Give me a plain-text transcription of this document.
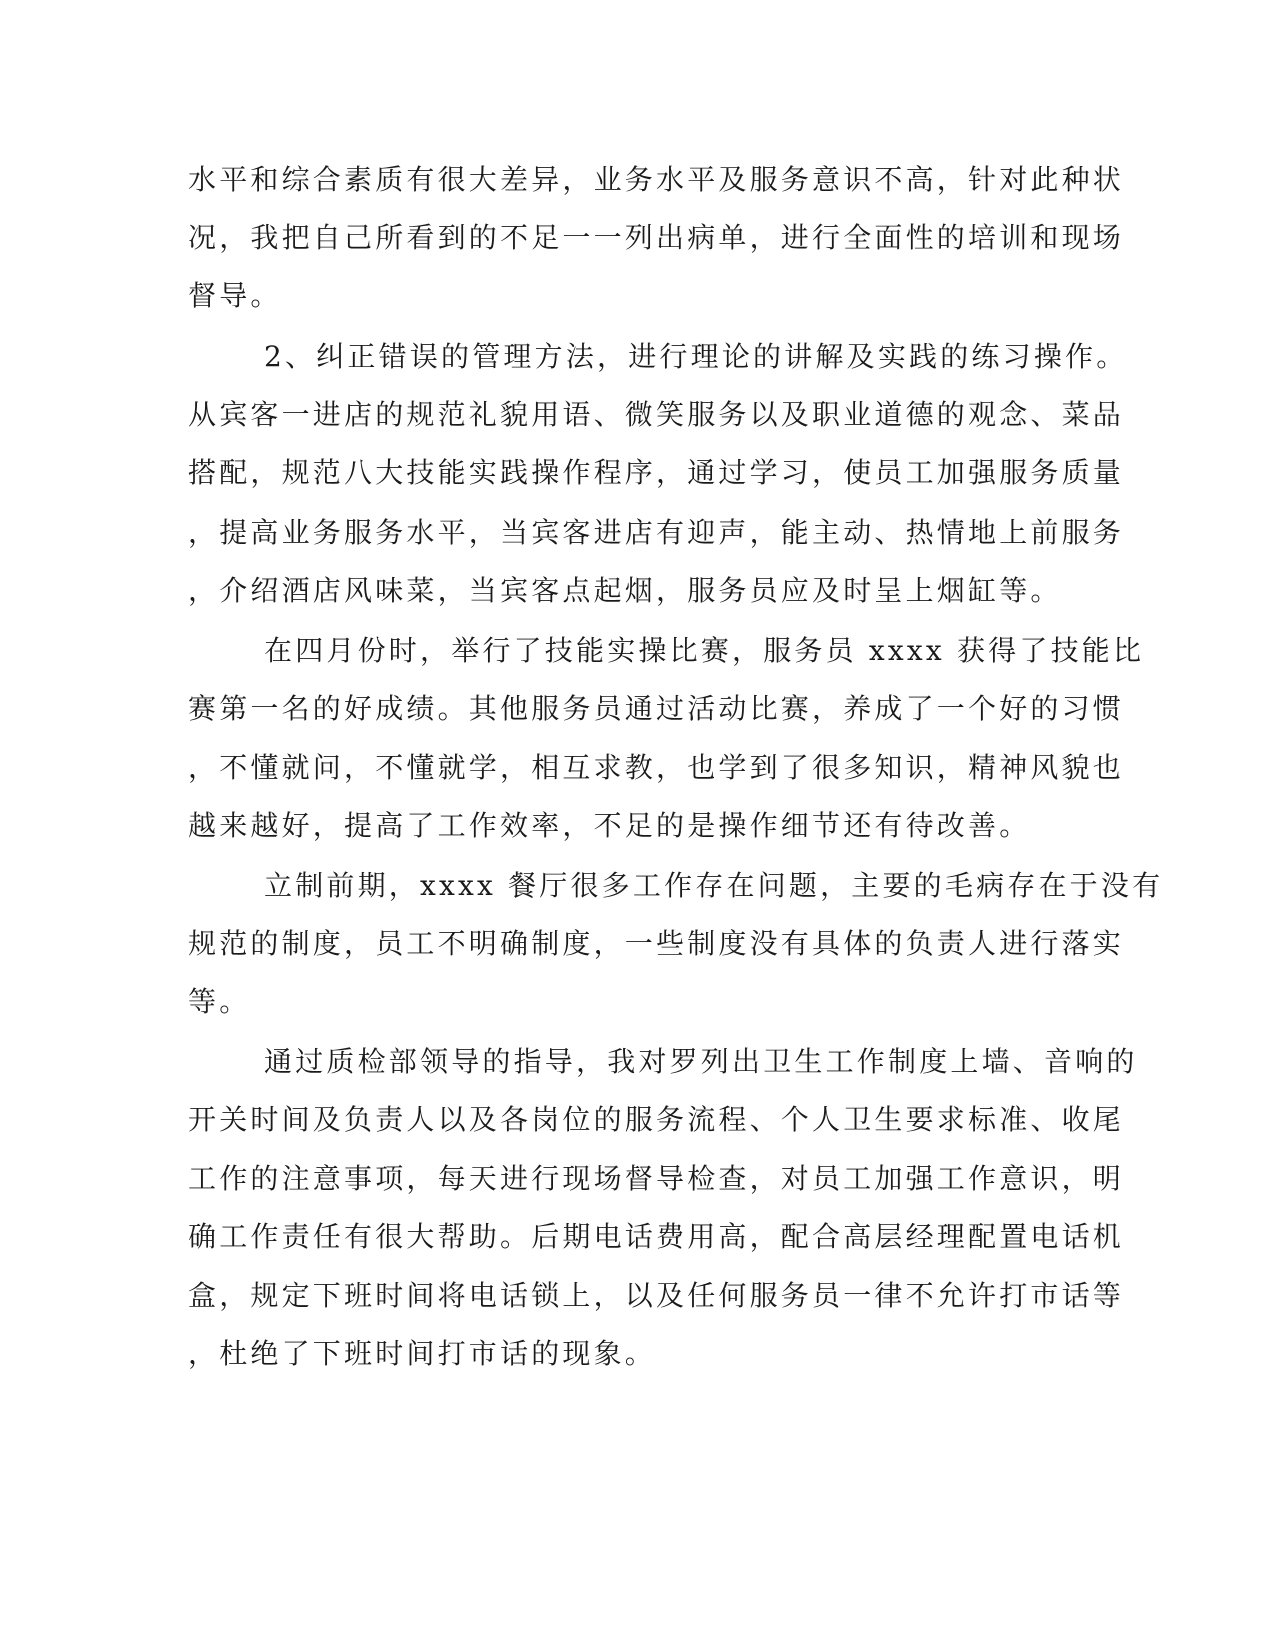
水平和综合素质有很大差异，业务水平及服务意识不高，针对此种状
况，我把自己所看到的不足一一列出病单，进行全面性的培训和现场
督导。
2、纠正错误的管理方法，进行理论的讲解及实践的练习操作。
从宾客一进店的规范礼貌用语、微笑服务以及职业道德的观念、菜品
搭配，规范八大技能实践操作程序，通过学习，使员工加强服务质量
，提高业务服务水平，当宾客进店有迎声，能主动、热情地上前服务
，介绍酒店风味菜，当宾客点起烟，服务员应及时呈上烟缸等。
在四月份时，举行了技能实操比赛，服务员 xxxx 获得了技能比
赛第一名的好成绩。其他服务员通过活动比赛，养成了一个好的习惯
，不懂就问，不懂就学，相互求教，也学到了很多知识，精神风貌也
越来越好，提高了工作效率，不足的是操作细节还有待改善。
立制前期，xxxx 餐厅很多工作存在问题，主要的毛病存在于没有
规范的制度，员工不明确制度，一些制度没有具体的负责人进行落实
等。
通过质检部领导的指导，我对罗列出卫生工作制度上墙、音响的
开关时间及负责人以及各岗位的服务流程、个人卫生要求标准、收尾
工作的注意事项，每天进行现场督导检查，对员工加强工作意识，明
确工作责任有很大帮助。后期电话费用高，配合高层经理配置电话机
盒，规定下班时间将电话锁上，以及任何服务员一律不允许打市话等
，杜绝了下班时间打市话的现象。
